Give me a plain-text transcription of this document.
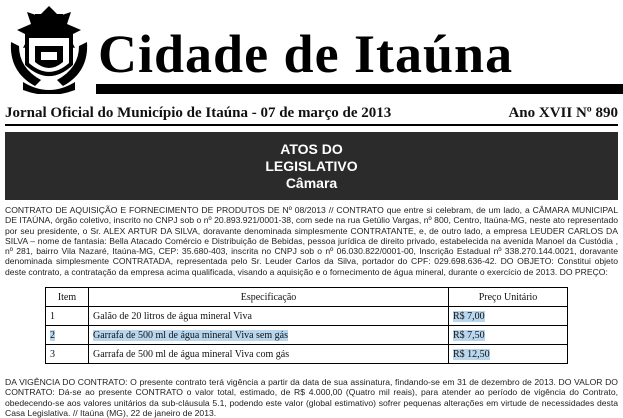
Cidade de Itaúna
Jornal Oficial do Município de Itaúna - 07 de março de 2013	Ano XVII Nº 890
ATOS DO
LEGISLATIVO
Câmara
CONTRATO DE AQUISIÇÃO E FORNECIMENTO DE PRODUTOS DE Nº 08/2013 // CONTRATO que entre si celebram, de um lado, a CÂMARA MUNICIPAL DE ITAÚNA, órgão coletivo, inscrito no CNPJ sob o nº 20.893.921/0001-38, com sede na rua Getúlio Vargas, nº 800, Centro, Itaúna-MG, neste ato representado por seu presidente, o Sr. ALEX ARTUR DA SILVA, doravante denominada simplesmente CONTRATANTE, e, de outro lado, a empresa LEUDER CARLOS DA SILVA – nome de fantasia: Bella Atacado Comércio e Distribuição de Bebidas, pessoa jurídica de direito privado, estabelecida na avenida Manoel da Custódia , nº 281, bairro Vila Nazaré, Itaúna-MG, CEP: 35.680-403, inscrita no CNPJ sob o nº 06.030.822/0001-00, Inscrição Estadual nº 338.270.144.0021, doravante denominada simplesmente CONTRATADA, representada pelo Sr. Leuder Carlos da Silva, portador do CPF: 029.698.636-42. DO OBJETO: Constitui objeto deste contrato, a contratação da empresa acima qualificada, visando a aquisição e o fornecimento de água mineral, durante o exercício de 2013. DO PREÇO:
Item	Especificação	Preço Unitário
1	Galão de 20 litros de água mineral Viva	R$ 7,00
2	Garrafa de 500 ml de água mineral Viva sem gás	R$ 7,50
3	Garrafa de 500 ml de água mineral Viva com gás	R$ 12,50
DA VIGÊNCIA DO CONTRATO: O presente contrato terá vigência a partir da data de sua assinatura, findando-se em 31 de dezembro de 2013. DO VALOR DO CONTRATO: Dá-se ao presente CONTRATO o valor total, estimado, de R$ 4.000,00 (Quatro mil reais), para atender ao período de vigência do Contrato, obedecendo-se aos valores unitários da sub-cláusula 5.1, podendo este valor (global estimativo) sofrer pequenas alterações em virtude de necessidades desta Casa Legislativa. // Itaúna (MG), 22 de janeiro de 2013.
